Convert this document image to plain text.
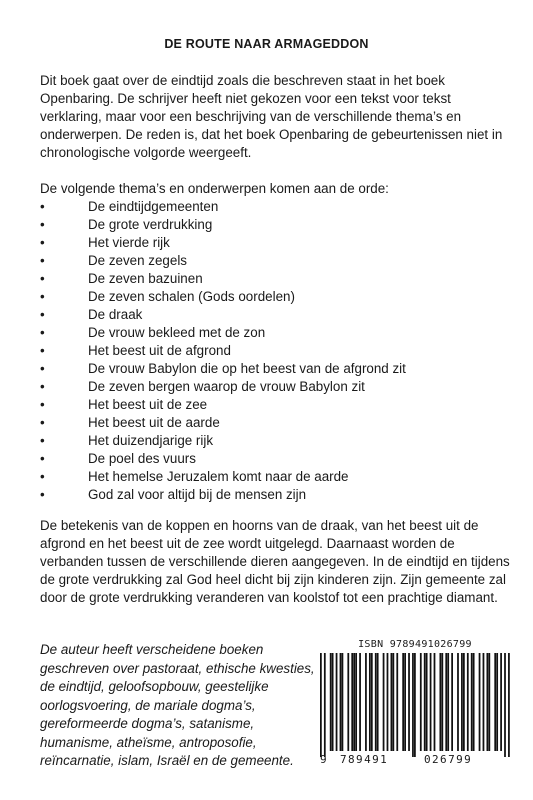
DE ROUTE NAAR ARMAGEDDON
Dit boek gaat over de eindtijd zoals die beschreven staat in het boek Openbaring. De schrijver heeft niet gekozen voor een tekst voor tekst verklaring, maar voor een beschrijving van de verschillende thema’s en onderwerpen. De reden is, dat het boek Openbaring de gebeurtenissen niet in chronologische volgorde weergeeft.
De volgende thema’s en onderwerpen komen aan de orde:
•	De eindtijdgemeenten
•	De grote verdrukking
•	Het vierde rijk
•	De zeven zegels
•	De zeven bazuinen
•	De zeven schalen (Gods oordelen)
•	De draak
•	De vrouw bekleed met de zon
•	Het beest uit de afgrond
•	De vrouw Babylon die op het beest van de afgrond zit
•	De zeven bergen waarop de vrouw Babylon zit
•	Het beest uit de zee
•	Het beest uit de aarde
•	Het duizendjarige rijk
•	De poel des vuurs
•	Het hemelse Jeruzalem komt naar de aarde
•	God zal voor altijd bij de mensen zijn
De betekenis van de koppen en hoorns van de draak, van het beest uit de afgrond en het beest uit de zee wordt uitgelegd. Daarnaast worden de verbanden tussen de verschillende dieren aangegeven. In de eindtijd en tijdens de grote verdrukking zal God heel dicht bij zijn kinderen zijn. Zijn gemeente zal door de grote verdrukking veranderen van koolstof tot een prachtige diamant.
De auteur heeft verscheidene boeken geschreven over pastoraat, ethische kwesties, de eindtijd, geloofsopbouw, geestelijke oorlogsvoering, de mariale dogma’s, gereformeerde dogma’s, satanisme, humanisme, atheïsme, antroposofie, reïncarnatie, islam, Israël en de gemeente.
ISBN 9789491026799
9 789491	026799
